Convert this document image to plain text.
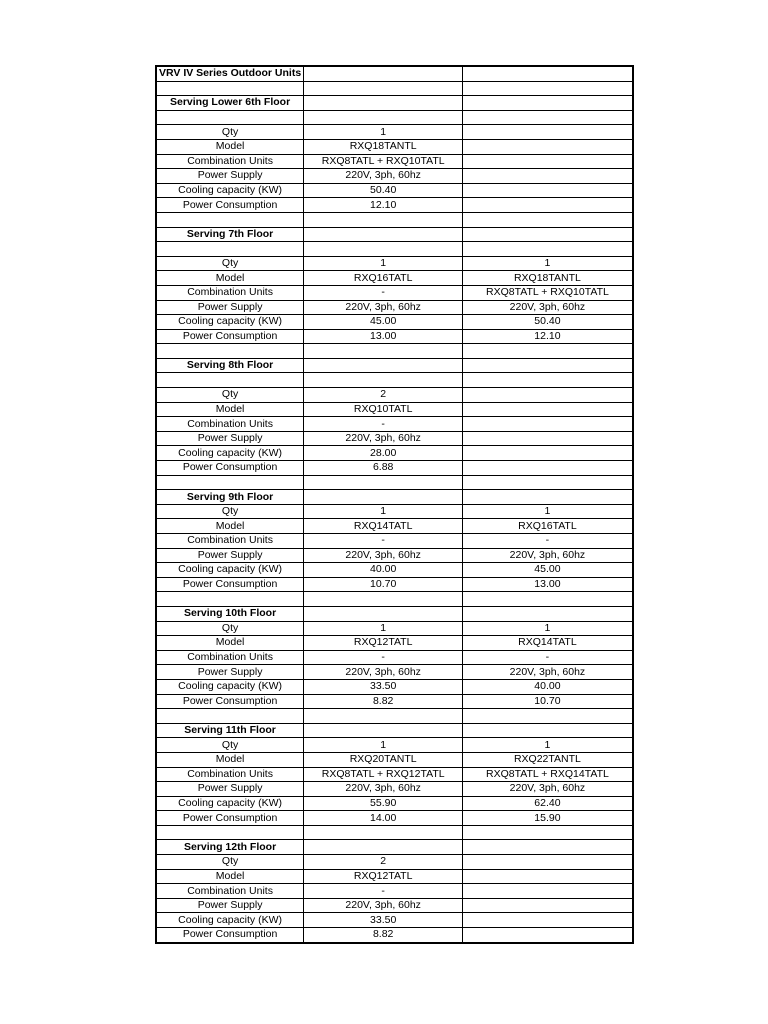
VRV IV Series Outdoor Units		

Serving Lower 6th Floor		

Qty	1	
Model	RXQ18TANTL	
Combination Units	RXQ8TATL + RXQ10TATL	
Power Supply	220V, 3ph, 60hz	
Cooling capacity (KW)	50.40	
Power Consumption	12.10	

Serving 7th Floor		

Qty	1	1
Model	RXQ16TATL	RXQ18TANTL
Combination Units	-	RXQ8TATL + RXQ10TATL
Power Supply	220V, 3ph, 60hz	220V, 3ph, 60hz
Cooling capacity (KW)	45.00	50.40
Power Consumption	13.00	12.10

Serving 8th Floor		

Qty	2	
Model	RXQ10TATL	
Combination Units	-	
Power Supply	220V, 3ph, 60hz	
Cooling capacity (KW)	28.00	
Power Consumption	6.88	

Serving 9th Floor		
Qty	1	1
Model	RXQ14TATL	RXQ16TATL
Combination Units	-	-
Power Supply	220V, 3ph, 60hz	220V, 3ph, 60hz
Cooling capacity (KW)	40.00	45.00
Power Consumption	10.70	13.00

Serving 10th Floor		
Qty	1	1
Model	RXQ12TATL	RXQ14TATL
Combination Units	-	-
Power Supply	220V, 3ph, 60hz	220V, 3ph, 60hz
Cooling capacity (KW)	33.50	40.00
Power Consumption	8.82	10.70

Serving 11th Floor		
Qty	1	1
Model	RXQ20TANTL	RXQ22TANTL
Combination Units	RXQ8TATL + RXQ12TATL	RXQ8TATL + RXQ14TATL
Power Supply	220V, 3ph, 60hz	220V, 3ph, 60hz
Cooling capacity (KW)	55.90	62.40
Power Consumption	14.00	15.90

Serving 12th Floor		
Qty	2	
Model	RXQ12TATL	
Combination Units	-	
Power Supply	220V, 3ph, 60hz	
Cooling capacity (KW)	33.50	
Power Consumption	8.82	
